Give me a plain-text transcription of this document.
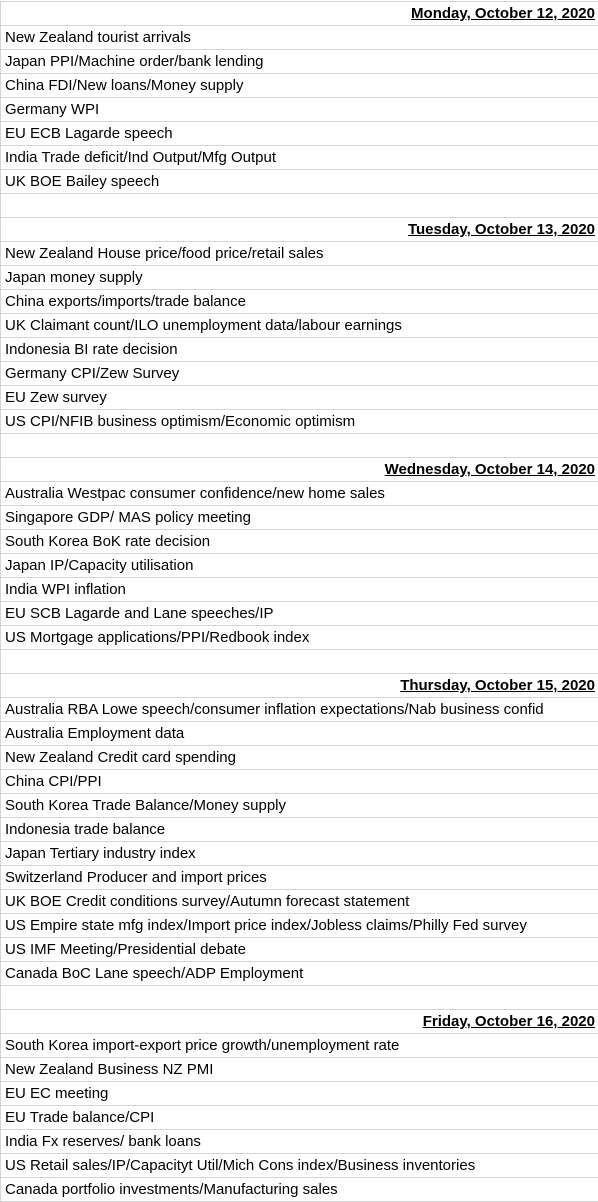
Monday, October 12, 2020
New Zealand tourist arrivals
Japan PPI/Machine order/bank lending
China FDI/New loans/Money supply
Germany WPI
EU ECB Lagarde speech
India Trade deficit/Ind Output/Mfg Output
UK BOE Bailey speech
Tuesday, October 13, 2020
New Zealand House price/food price/retail sales
Japan money supply
China exports/imports/trade balance
UK Claimant count/ILO unemployment data/labour earnings
Indonesia BI rate decision
Germany CPI/Zew Survey
EU Zew survey
US CPI/NFIB business optimism/Economic optimism
Wednesday, October 14, 2020
Australia Westpac consumer confidence/new home sales
Singapore GDP/ MAS policy meeting
South Korea BoK rate decision
Japan IP/Capacity utilisation
India WPI inflation
EU SCB Lagarde and Lane speeches/IP
US Mortgage applications/PPI/Redbook index
Thursday, October 15, 2020
Australia RBA Lowe speech/consumer inflation expectations/Nab business confid
Australia Employment data
New Zealand Credit card spending
China CPI/PPI
South Korea Trade Balance/Money supply
Indonesia trade balance
Japan Tertiary industry index
Switzerland Producer and import prices
UK BOE Credit conditions survey/Autumn forecast statement
US Empire state mfg index/Import price index/Jobless claims/Philly Fed survey
US IMF Meeting/Presidential debate
Canada BoC Lane speech/ADP Employment
Friday, October 16, 2020
South Korea import-export price growth/unemployment rate
New Zealand Business NZ PMI
EU EC meeting
EU Trade balance/CPI
India Fx reserves/ bank loans
US Retail sales/IP/Capacityt Util/Mich Cons index/Business inventories
Canada portfolio investments/Manufacturing sales
